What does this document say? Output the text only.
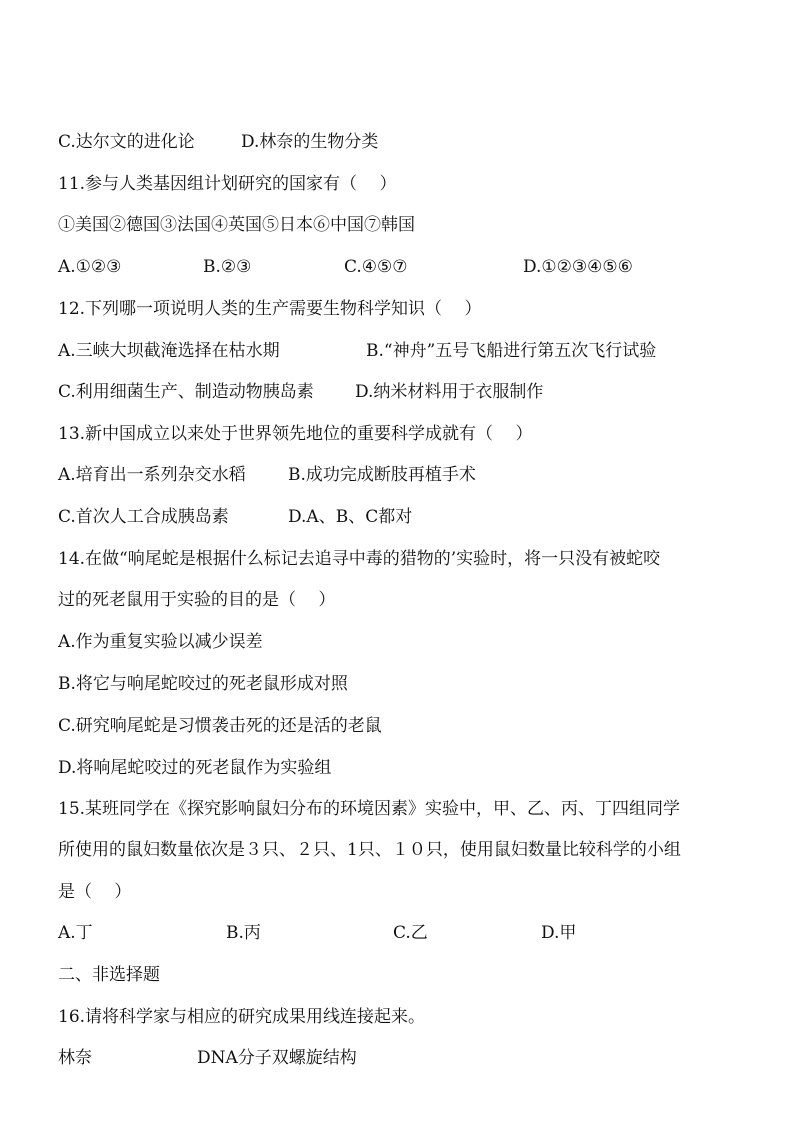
C.达尔文的进化论	D.林奈的生物分类
11.参与人类基因组计划研究的国家有（　 ）
①美国②德国③法国④英国⑤日本⑥中国⑦韩国
A.①②③	B.②③	C.④⑤⑦	D.①②③④⑤⑥
12.下列哪一项说明人类的生产需要生物科学知识（　 ）
A.三峡大坝截淹选择在枯水期	B.“神舟”五号飞船进行第五次飞行试验
C.利用细菌生产、制造动物胰岛素 D.纳米材料用于衣服制作
13.新中国成立以来处于世界领先地位的重要科学成就有（　 ）
A.培育出一系列杂交水稻 B.成功完成断肢再植手术
C.首次人工合成胰岛素	D.A、B、C都对
14.在做“响尾蛇是根据什么标记去追寻中毒的猎物的’实验时，将一只没有被蛇咬
过的死老鼠用于实验的目的是（　 ）
A.作为重复实验以减少误差
B.将它与响尾蛇咬过的死老鼠形成对照
C.研究响尾蛇是习惯袭击死的还是活的老鼠
D.将响尾蛇咬过的死老鼠作为实验组
15.某班同学在《探究影响鼠妇分布的环境因素》实验中，甲、乙、丙、丁四组同学
所使用的鼠妇数量依次是３只、２只、1只、１０只，使用鼠妇数量比较科学的小组
是（　 ）
A.丁	B.丙	C.乙	D.甲
二、非选择题
16.请将科学家与相应的研究成果用线连接起来。
林奈	DNA分子双螺旋结构
